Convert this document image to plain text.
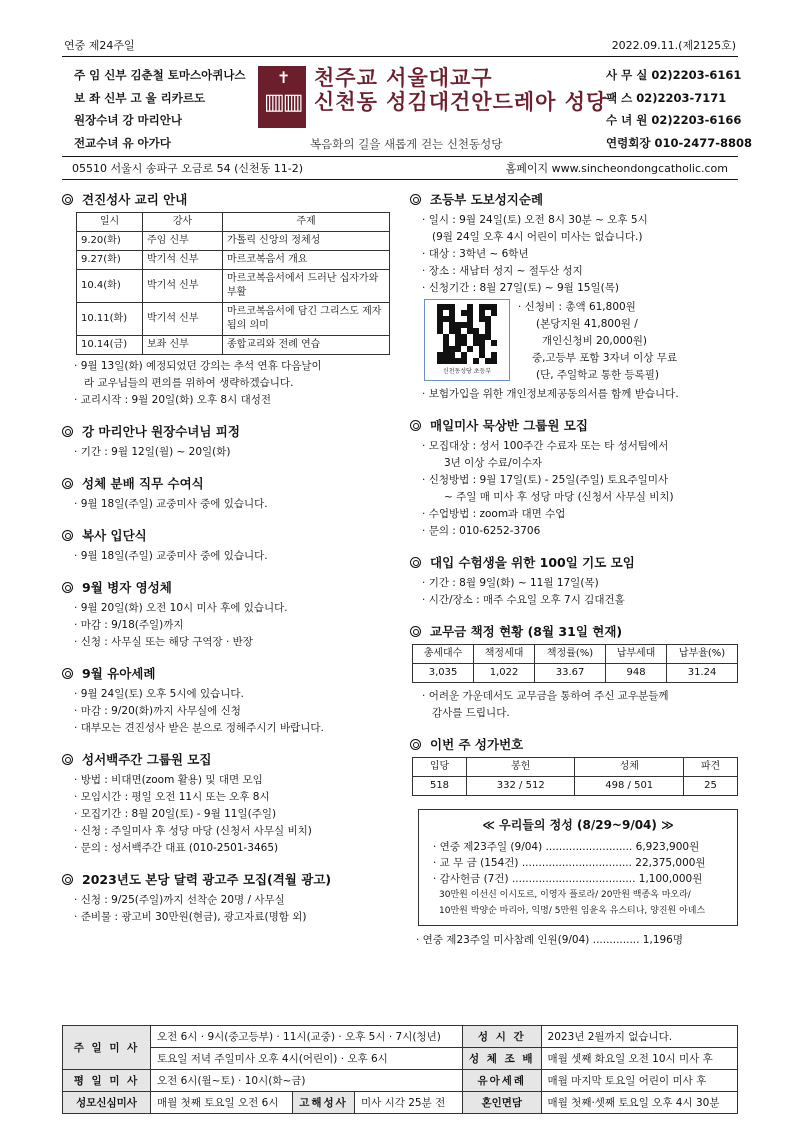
연중 제24주일	2022.09.11.(제2125호)
주 임 신부 김춘철 토마스아퀴나스
보 좌 신부 고 울 리카르도
원장수녀 강 마리안나
전교수녀 유 아가다
✝
▥▥
천주교 서울대교구
신천동 성김대건안드레아 성당
복음화의 길을 새롭게 걷는 신천동성당
사 무 실 02)2203-6161
팩 스 02)2203-7171
수 녀 원 02)2203-6166
연령회장 010-2477-8808
05510 서울시 송파구 오금로 54 (신천동 11-2)	홈페이지 www.sincheondongcatholic.com
견진성사 교리 안내
일시	강사	주제
9.20(화)	주임 신부	가톨릭 신앙의 정체성
9.27(화)	박기석 신부	마르코복음서 개요
10.4(화)	박기석 신부	마르코복음서에서 드러난 십자가와 부활
10.11(화)	박기석 신부	마르코복음서에 담긴 그리스도 제자됨의 의미
10.14(금)	보좌 신부	종합교리와 전례 연습
· 9월 13일(화) 예정되었던 강의는 추석 연휴 다음날이
라 교우님들의 편의를 위하여 생략하겠습니다.
· 교리시작 : 9월 20일(화) 오후 8시 대성전
강 마리안나 원장수녀님 피정
· 기간 : 9월 12일(월) ~ 20일(화)
성체 분배 직무 수여식
· 9월 18일(주일) 교중미사 중에 있습니다.
복사 입단식
· 9월 18일(주일) 교중미사 중에 있습니다.
9월 병자 영성체
· 9월 20일(화) 오전 10시 미사 후에 있습니다.
· 마감 : 9/18(주일)까지
· 신청 : 사무실 또는 해당 구역장 · 반장
9월 유아세례
· 9월 24일(토) 오후 5시에 있습니다.
· 마감 : 9/20(화)까지 사무실에 신청
· 대부모는 견진성사 받은 분으로 정해주시기 바랍니다.
성서백주간 그룹원 모집
· 방법 : 비대면(zoom 활용) 및 대면 모임
· 모임시간 : 평일 오전 11시 또는 오후 8시
· 모집기간 : 8월 20일(토) - 9월 11일(주일)
· 신청 : 주일미사 후 성당 마당 (신청서 사무실 비치)
· 문의 : 성서백주간 대표 (010-2501-3465)
2023년도 본당 달력 광고주 모집(격월 광고)
· 신청 : 9/25(주일)까지 선착순 20명 / 사무실
· 준비물 : 광고비 30만원(현금), 광고자료(명함 외)
조등부 도보성지순례
· 일시 : 9월 24일(토) 오전 8시 30분 ~ 오후 5시
(9월 24일 오후 4시 어린이 미사는 없습니다.)
· 대상 : 3학년 ~ 6학년
· 장소 : 새남터 성지 ~ 절두산 성지
· 신청기간 : 8월 27일(토) ~ 9월 15일(목)
신천동성당 초등부
· 신청비 : 총액 61,800원
(본당지원 41,800원 /
개인신청비 20,000원)
중,고등부 포함 3자녀 이상 무료
(단, 주일학교 통한 등록필)
· 보험가입을 위한 개인정보제공동의서를 함께 받습니다.
매일미사 묵상반 그룹원 모집
· 모집대상 : 성서 100주간 수료자 또는 타 성서팀에서
3년 이상 수료/이수자
· 신청방법 : 9월 17일(토) - 25일(주일) 토요주일미사
~ 주일 매 미사 후 성당 마당 (신청서 사무실 비치)
· 수업방법 : zoom과 대면 수업
· 문의 : 010-6252-3706
대입 수험생을 위한 100일 기도 모임
· 기간 : 8월 9일(화) ~ 11월 17일(목)
· 시간/장소 : 매주 수요일 오후 7시 김대건홀
교무금 책정 현황 (8월 31일 현재)
총세대수	책정세대	책정률(%)	납부세대	납부율(%)
3,035	1,022	33.67	948	31.24
· 어려운 가운데서도 교무금을 통하여 주신 교우분들께
감사를 드립니다.
이번 주 성가번호
입당	봉헌	성체	파견
518	332 / 512	498 / 501	25
≪ 우리들의 정성 (8/29~9/04) ≫
· 연중 제23주일 (9/04) .......................... 6,923,900원
· 교 무 금 (154건) ................................. 22,375,000원
· 감사헌금 (7건) ..................................... 1,100,000원
30만원 이선신 이시도르, 이영자 플로라/ 20만원 백종옥 마오라/
10만원 박양순 마리아, 익명/ 5만원 임윤옥 유스티나, 양진원 아녜스
· 연중 제23주일 미사참례 인원(9/04) .............. 1,196명
주 일 미 사	오전 6시 · 9시(중고등부) · 11시(교중) · 오후 5시 · 7시(청년)			성 시 간	2023년 2월까지 없습니다.
	토요일 저녁 주일미사 오후 4시(어린이) · 오후 6시			성 체 조 배	매월 셋째 화요일 오전 10시 미사 후
평 일 미 사	오전 6시(월~토) · 10시(화~금)			유아세례	매월 마지막 토요일 어린이 미사 후
성모신심미사	매월 첫째 토요일 오전 6시	고해성사	미사 시각 25분 전	혼인면담	매월 첫째·셋째 토요일 오후 4시 30분
